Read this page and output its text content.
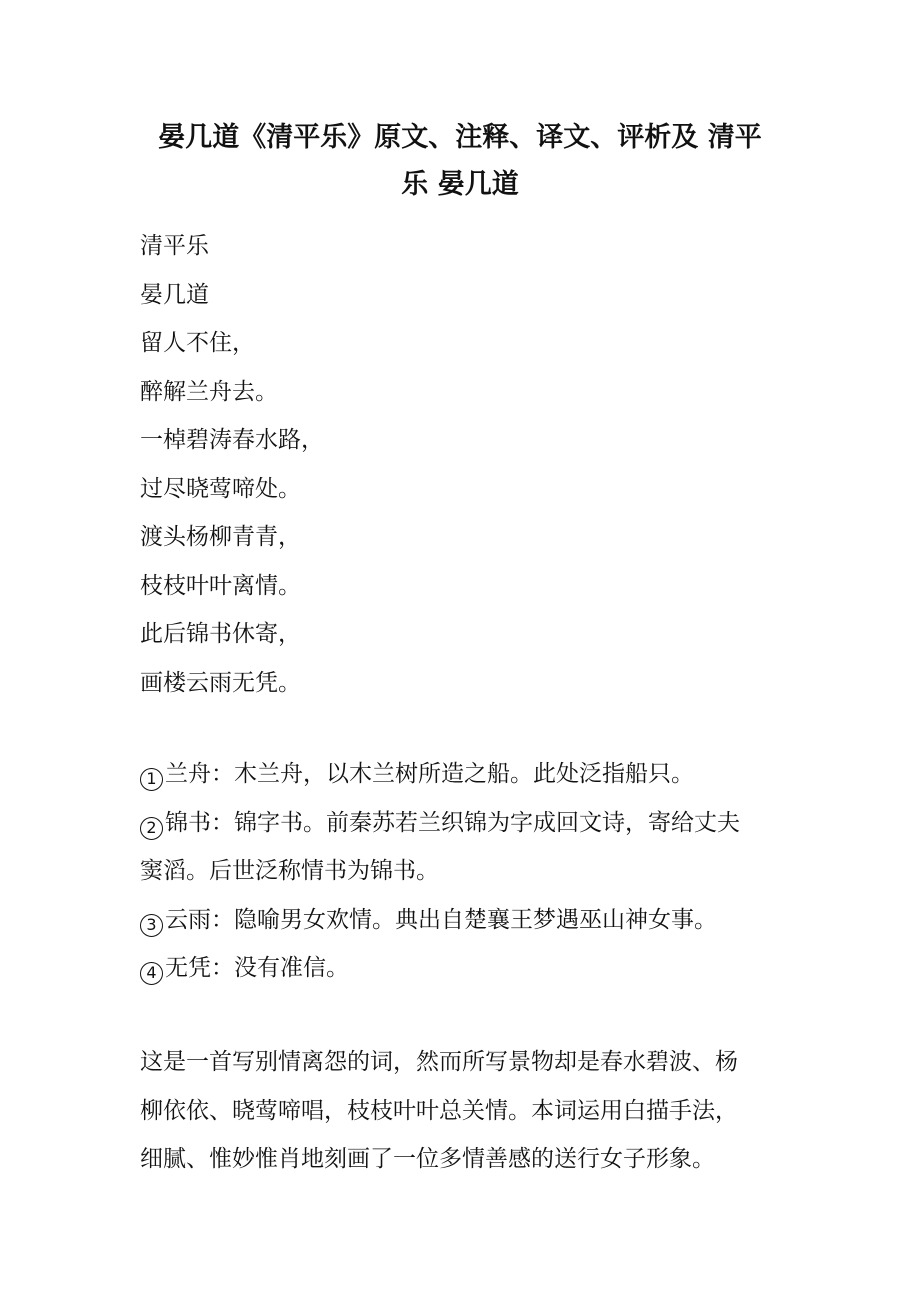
晏几道《清平乐》原文、注释、译文、评析及 清平
乐 晏几道
清平乐
晏几道
留人不住，
醉解兰舟去。
一棹碧涛春水路，
过尽晓莺啼处。
渡头杨柳青青，
枝枝叶叶离情。
此后锦书休寄，
画楼云雨无凭。
1 兰舟：木兰舟，以木兰树所造之船。此处泛指船只。
2 锦书：锦字书。前秦苏若兰织锦为字成回文诗，寄给丈夫
窦滔。后世泛称情书为锦书。
3 云雨：隐喻男女欢情。典出自楚襄王梦遇巫山神女事。
4 无凭：没有准信。
这是一首写别情离怨的词，然而所写景物却是春水碧波、杨
柳依依、晓莺啼唱，枝枝叶叶总关情。本词运用白描手法，
细腻、惟妙惟肖地刻画了一位多情善感的送行女子形象。
